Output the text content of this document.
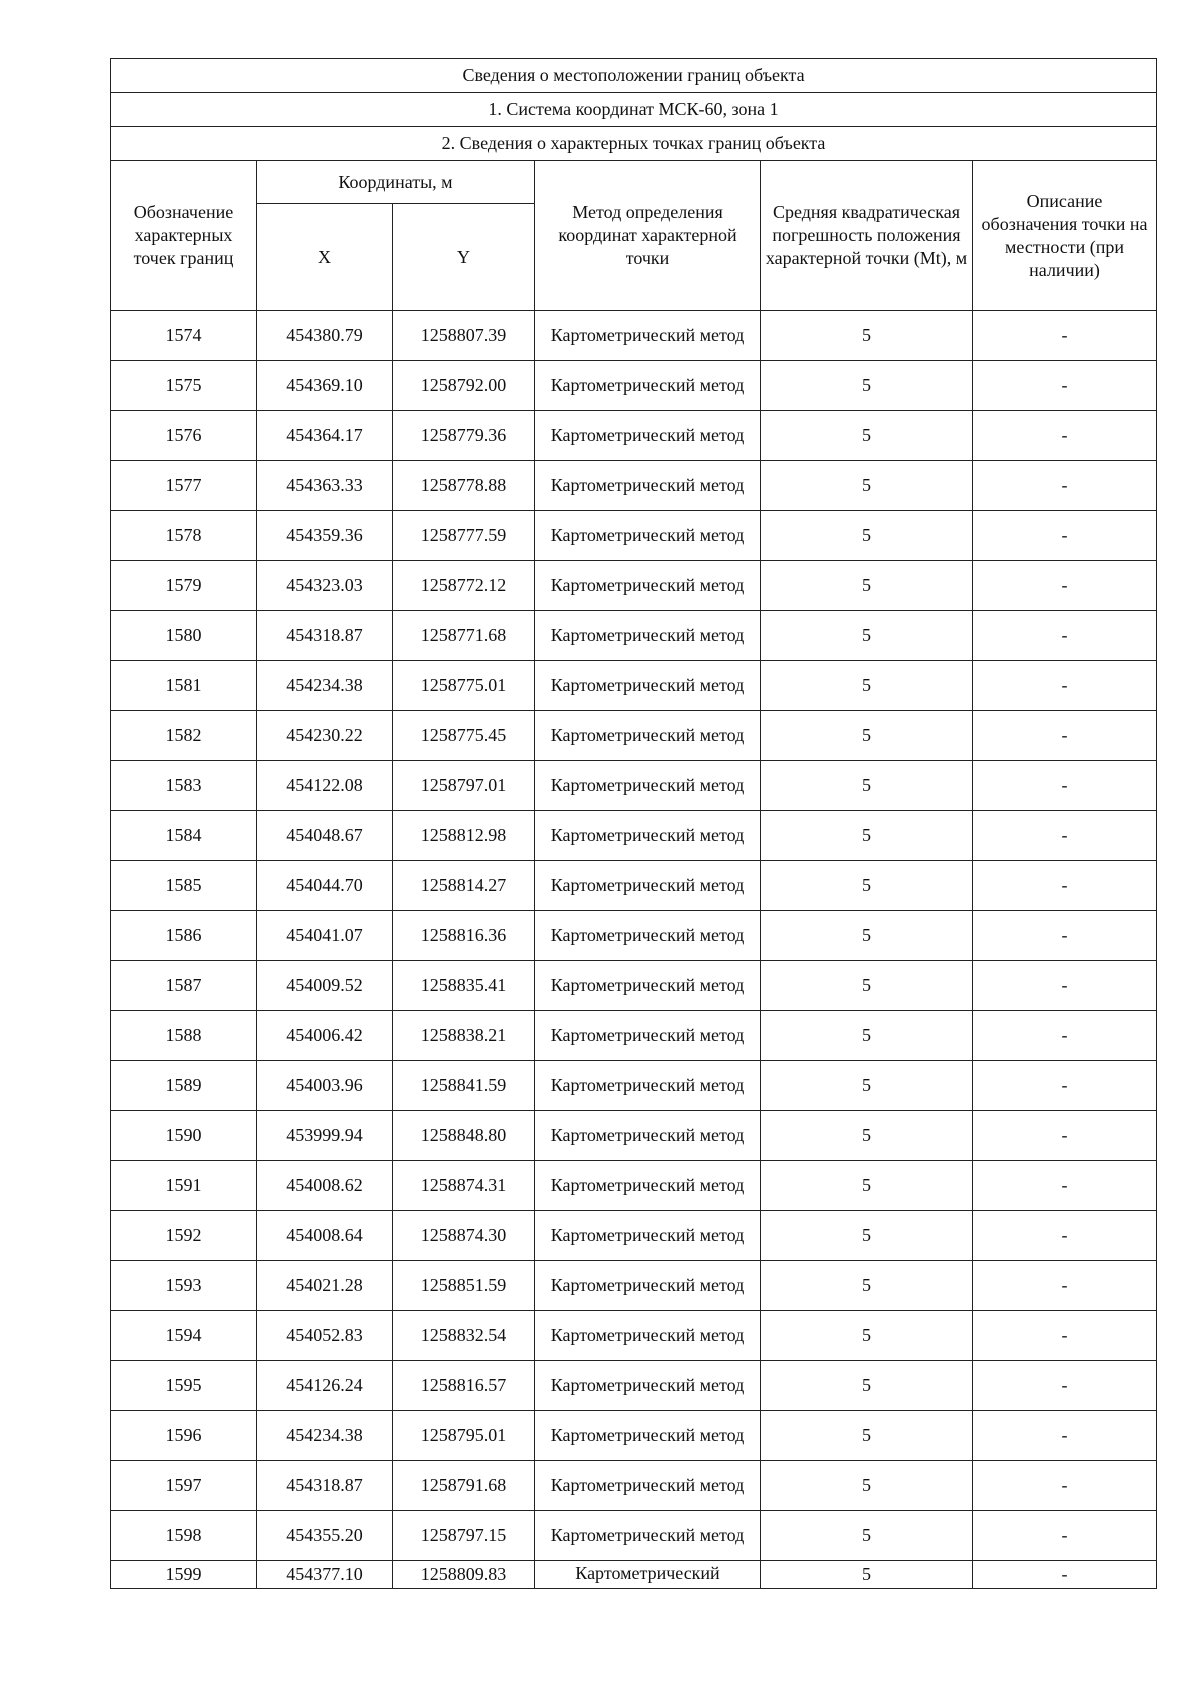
Сведения о местоположении границ объекта					
1. Система координат МСК-60, зона 1					
2. Сведения о характерных точках границ объекта					
Обозначение характерных точек границ	Координаты, м		Метод определения координат характерной точки	Средняя квадратическая погрешность положения характерной точки (Mt), м	Описание обозначения точки на местности (при наличии)
	X	Y			
1574	454380.79	1258807.39	Картометрический метод	5	-
1575	454369.10	1258792.00	Картометрический метод	5	-
1576	454364.17	1258779.36	Картометрический метод	5	-
1577	454363.33	1258778.88	Картометрический метод	5	-
1578	454359.36	1258777.59	Картометрический метод	5	-
1579	454323.03	1258772.12	Картометрический метод	5	-
1580	454318.87	1258771.68	Картометрический метод	5	-
1581	454234.38	1258775.01	Картометрический метод	5	-
1582	454230.22	1258775.45	Картометрический метод	5	-
1583	454122.08	1258797.01	Картометрический метод	5	-
1584	454048.67	1258812.98	Картометрический метод	5	-
1585	454044.70	1258814.27	Картометрический метод	5	-
1586	454041.07	1258816.36	Картометрический метод	5	-
1587	454009.52	1258835.41	Картометрический метод	5	-
1588	454006.42	1258838.21	Картометрический метод	5	-
1589	454003.96	1258841.59	Картометрический метод	5	-
1590	453999.94	1258848.80	Картометрический метод	5	-
1591	454008.62	1258874.31	Картометрический метод	5	-
1592	454008.64	1258874.30	Картометрический метод	5	-
1593	454021.28	1258851.59	Картометрический метод	5	-
1594	454052.83	1258832.54	Картометрический метод	5	-
1595	454126.24	1258816.57	Картометрический метод	5	-
1596	454234.38	1258795.01	Картометрический метод	5	-
1597	454318.87	1258791.68	Картометрический метод	5	-
1598	454355.20	1258797.15	Картометрический метод	5	-
1599	454377.10	1258809.83	Картометрический	5	-
